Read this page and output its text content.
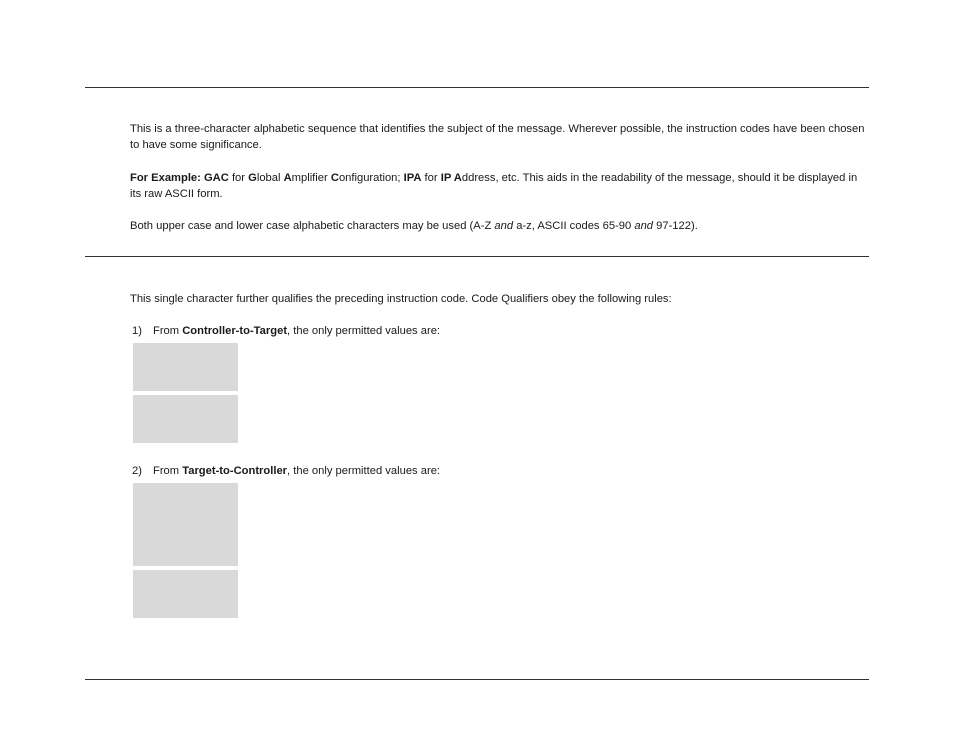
This is a three-character alphabetic sequence that identifies the subject of the message. Wherever possible, the instruction codes have been chosen to have some significance.

For Example: GAC for Global Amplifier Configuration; IPA for IP Address, etc. This aids in the readability of the message, should it be displayed in its raw ASCII form.

Both upper case and lower case alphabetic characters may be used (A-Z and a-z, ASCII codes 65-90 and 97-122).

This single character further qualifies the preceding instruction code. Code Qualifiers obey the following rules:

1) From Controller-to-Target, the only permitted values are:
2) From Target-to-Controller, the only permitted values are:
